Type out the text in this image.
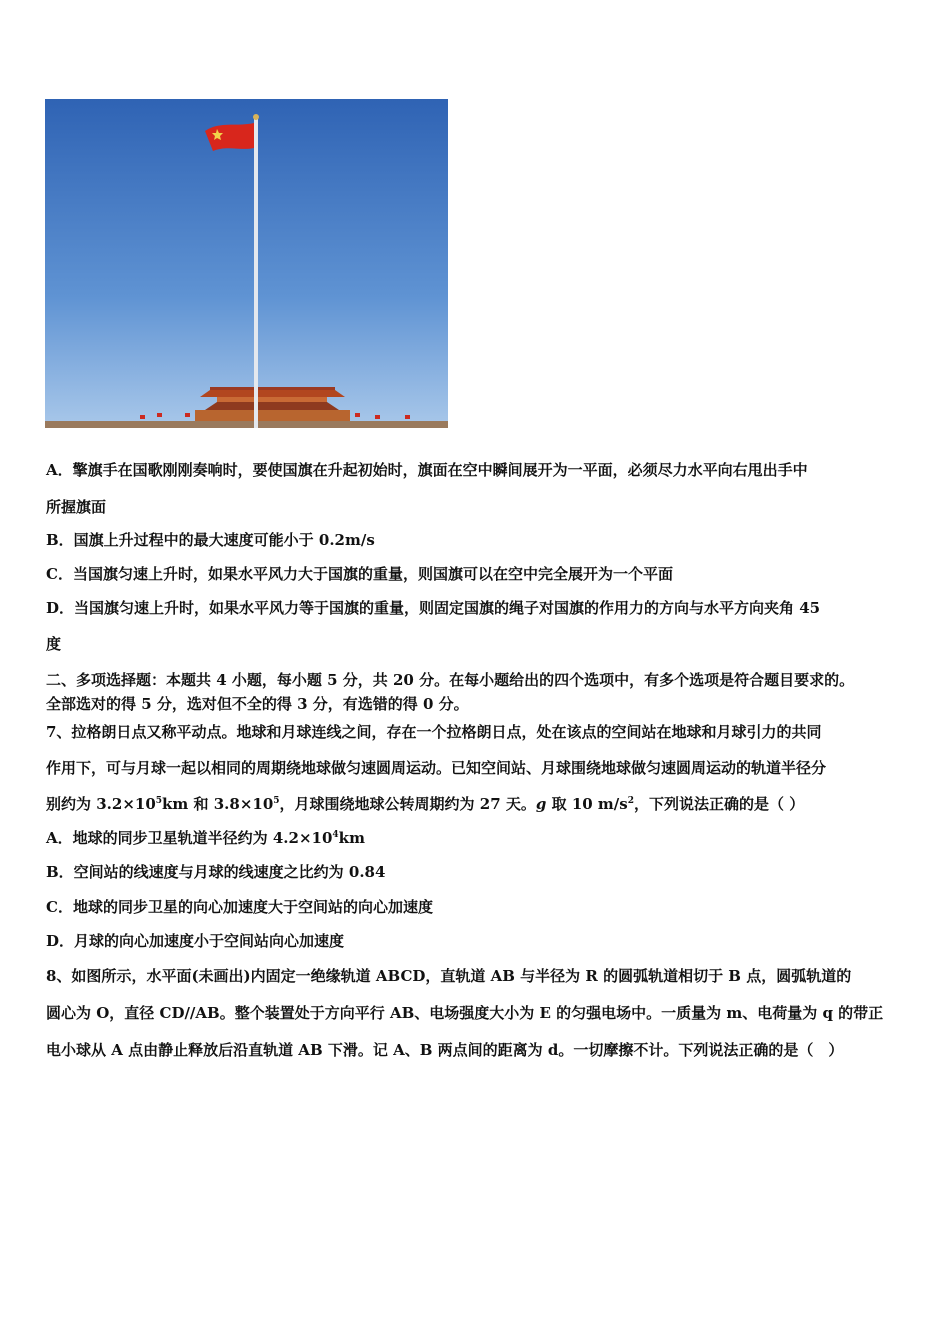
A．擎旗手在国歌刚刚奏响时，要使国旗在升起初始时，旗面在空中瞬间展开为一平面，必须尽力水平向右甩出手中
所握旗面
B．国旗上升过程中的最大速度可能小于 0.2m/s
C．当国旗匀速上升时，如果水平风力大于国旗的重量，则国旗可以在空中完全展开为一个平面
D．当国旗匀速上升时，如果水平风力等于国旗的重量，则固定国旗的绳子对国旗的作用力的方向与水平方向夹角 45
度
二、多项选择题：本题共 4 小题，每小题 5 分，共 20 分。在每小题给出的四个选项中，有多个选项是符合题目要求的。
全部选对的得 5 分，选对但不全的得 3 分，有选错的得 0 分。
7、拉格朗日点又称平动点。地球和月球连线之间，存在一个拉格朗日点，处在该点的空间站在地球和月球引力的共同
作用下，可与月球一起以相同的周期绕地球做匀速圆周运动。已知空间站、月球围绕地球做匀速圆周运动的轨道半径分
别约为 $3.2\times 10^5km$ 和 $3.8\times 10^5$，月球围绕地球公转周期约为 27 天。g 取 10 $m/s^2$，下列说法正确的是（ ）
A．地球的同步卫星轨道半径约为 $4.2\times 10^4km$
B．空间站的线速度与月球的线速度之比约为 0.84
C．地球的同步卫星的向心加速度大于空间站的向心加速度
D．月球的向心加速度小于空间站向心加速度
8、如图所示，水平面(未画出)内固定一绝缘轨道 ABCD，直轨道 AB 与半径为 R 的圆弧轨道相切于 B 点，圆弧轨道的
圆心为 O，直径 CD//AB。整个装置处于方向平行 AB、电场强度大小为 E 的匀强电场中。一质量为 m、电荷量为 q 的带正
电小球从 A 点由静止释放后沿直轨道 AB 下滑。记 A、B 两点间的距离为 d。一切摩擦不计。下列说法正确的是（　）
